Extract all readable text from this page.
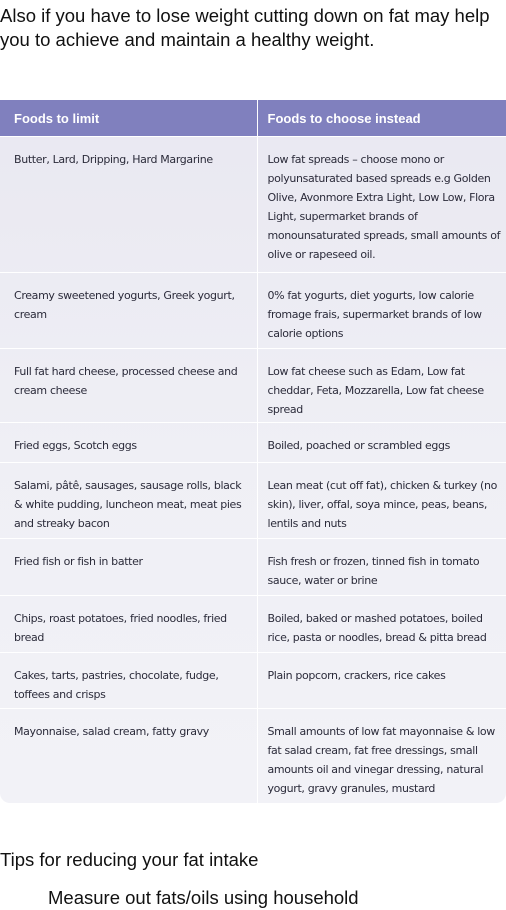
Also if you have to lose weight cutting down on fat may help you to achieve and maintain a healthy weight.
Foods to limit	Foods to choose instead
Butter, Lard, Dripping, Hard Margarine	Low fat spreads – choose mono or polyunsaturated based spreads e.g Golden Olive, Avonmore Extra Light, Low Low, Flora Light, supermarket brands of monounsaturated spreads, small amounts of olive or rapeseed oil.
Creamy sweetened yogurts, Greek yogurt, cream	0% fat yogurts, diet yogurts, low calorie fromage frais, supermarket brands of low calorie options
Full fat hard cheese, processed cheese and cream cheese	Low fat cheese such as Edam, Low fat cheddar, Feta, Mozzarella, Low fat cheese spread
Fried eggs, Scotch eggs	Boiled, poached or scrambled eggs
Salami, pâtê, sausages, sausage rolls, black & white pudding, luncheon meat, meat pies and streaky bacon	Lean meat (cut off fat), chicken & turkey (no skin), liver, offal, soya mince, peas, beans, lentils and nuts
Fried fish or fish in batter	Fish fresh or frozen, tinned fish in tomato sauce, water or brine
Chips, roast potatoes, fried noodles, fried bread	Boiled, baked or mashed potatoes, boiled rice, pasta or noodles, bread & pitta bread
Cakes, tarts, pastries, chocolate, fudge, toffees and crisps	Plain popcorn, crackers, rice cakes
Mayonnaise, salad cream, fatty gravy	Small amounts of low fat mayonnaise & low fat salad cream, fat free dressings, small amounts oil and vinegar dressing, natural yogurt, gravy granules, mustard
Tips for reducing your fat intake
Measure out fats/oils using household
